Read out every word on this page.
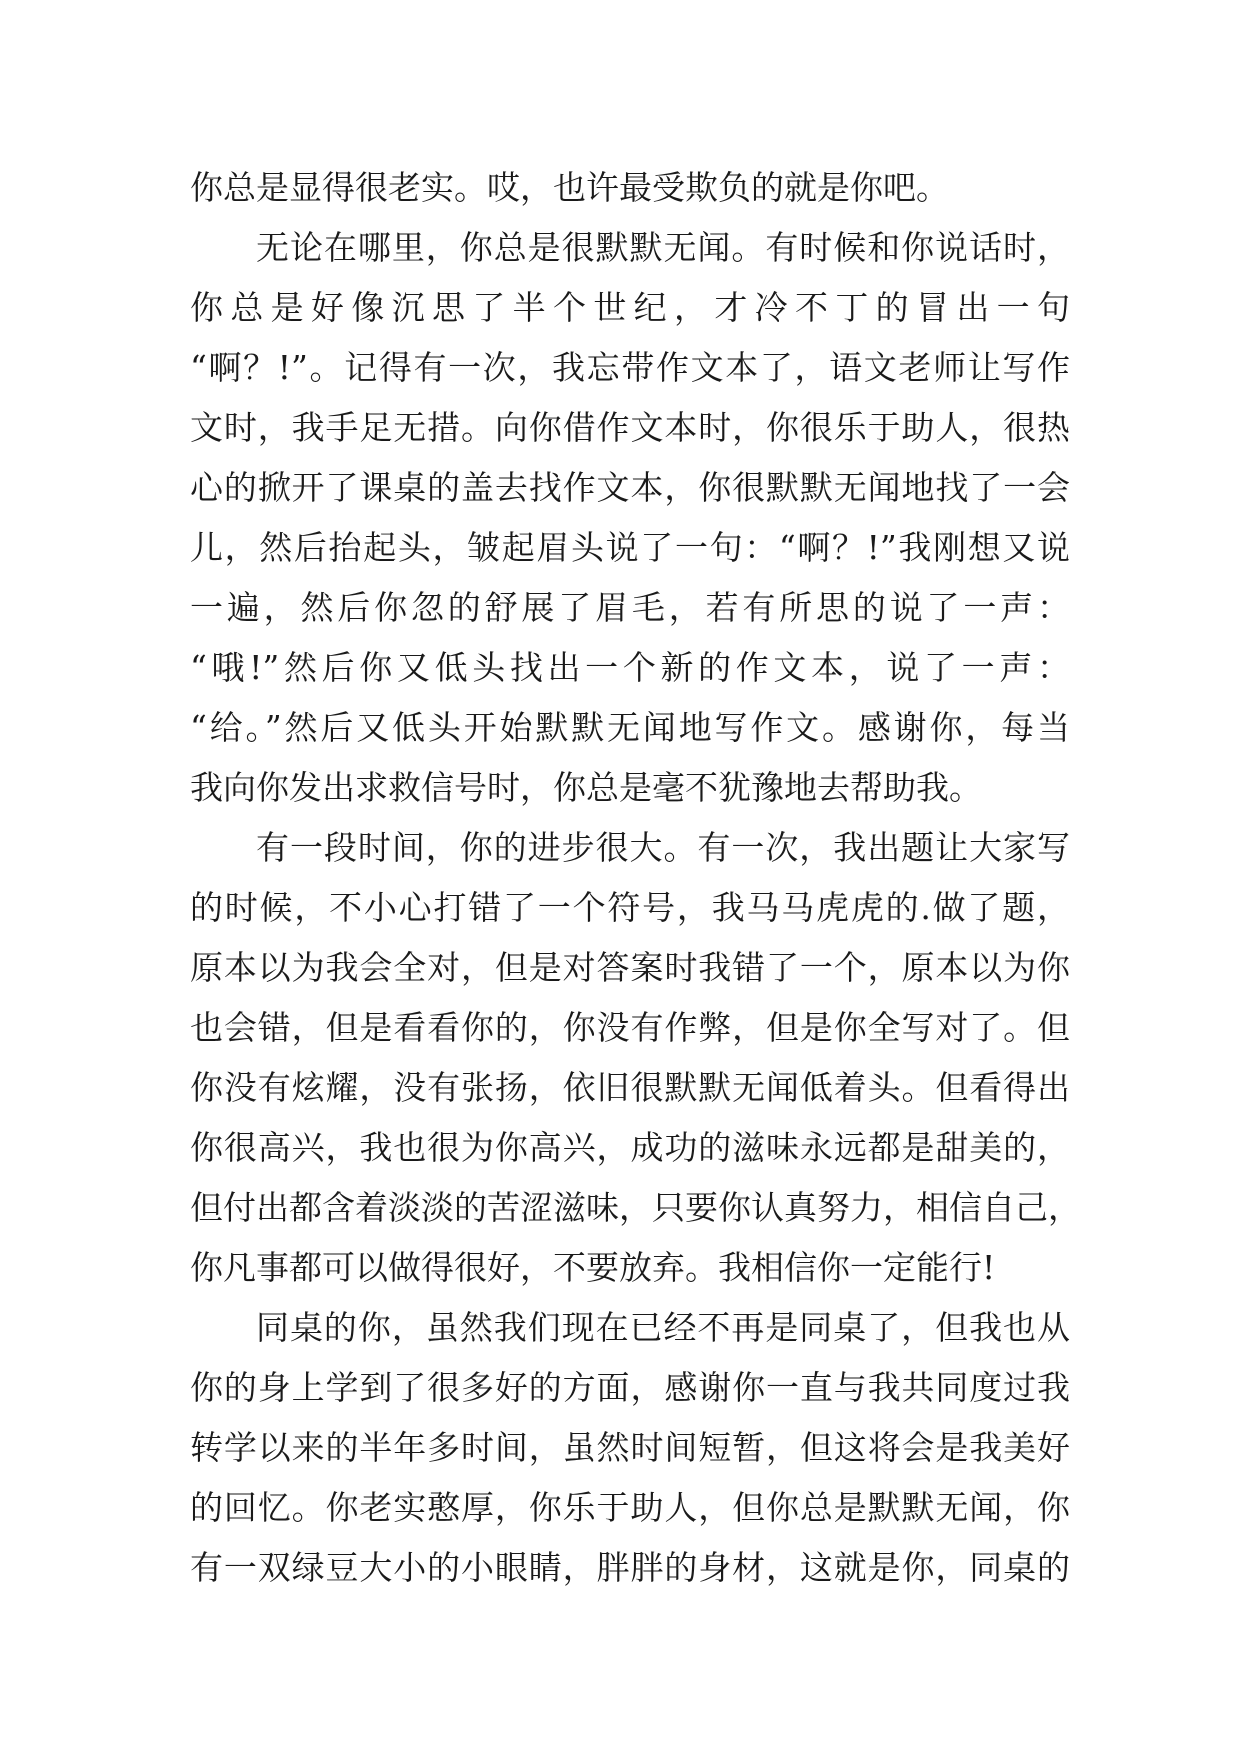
你总是显得很老实。哎，也许最受欺负的就是你吧。
无论在哪里，你总是很默默无闻。有时候和你说话时，
你总是好像沉思了半个世纪，才冷不丁的冒出一句
“啊？!”。记得有一次，我忘带作文本了，语文老师让写作
文时，我手足无措。向你借作文本时，你很乐于助人，很热
心的掀开了课桌的盖去找作文本，你很默默无闻地找了一会
儿，然后抬起头，皱起眉头说了一句：“啊？!”我刚想又说
一遍，然后你忽的舒展了眉毛，若有所思的说了一声：
“哦!”然后你又低头找出一个新的作文本，说了一声：
“给。”然后又低头开始默默无闻地写作文。感谢你，每当
我向你发出求救信号时，你总是毫不犹豫地去帮助我。
有一段时间，你的进步很大。有一次，我出题让大家写
的时候，不小心打错了一个符号，我马马虎虎的.做了题，
原本以为我会全对，但是对答案时我错了一个，原本以为你
也会错，但是看看你的，你没有作弊，但是你全写对了。但
你没有炫耀，没有张扬，依旧很默默无闻低着头。但看得出
你很高兴，我也很为你高兴，成功的滋味永远都是甜美的，
但付出都含着淡淡的苦涩滋味，只要你认真努力，相信自己，
你凡事都可以做得很好，不要放弃。我相信你一定能行!
同桌的你，虽然我们现在已经不再是同桌了，但我也从
你的身上学到了很多好的方面，感谢你一直与我共同度过我
转学以来的半年多时间，虽然时间短暂，但这将会是我美好
的回忆。你老实憨厚，你乐于助人，但你总是默默无闻，你
有一双绿豆大小的小眼睛，胖胖的身材，这就是你，同桌的
